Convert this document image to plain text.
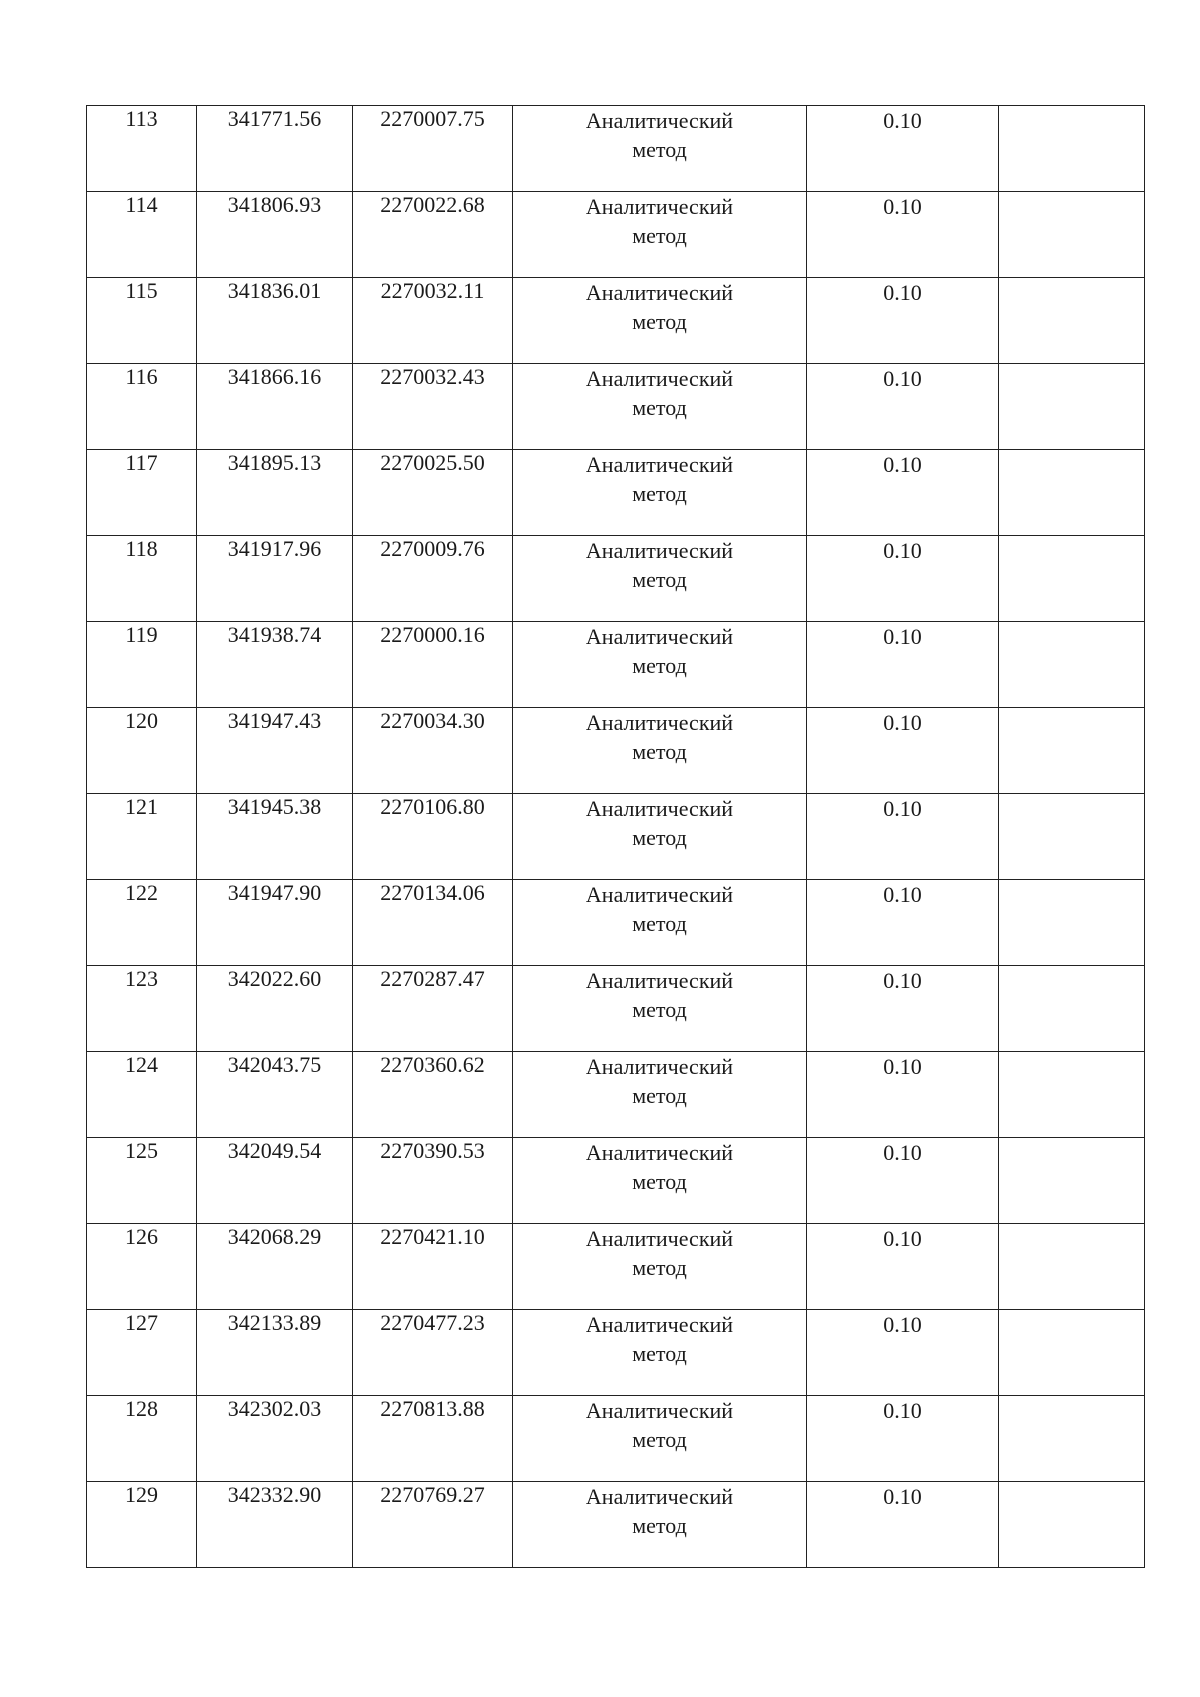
113	341771.56	2270007.75	Аналитический
метод	0.10	

114	341806.93	2270022.68	Аналитический
метод	0.10	

115	341836.01	2270032.11	Аналитический
метод	0.10	

116	341866.16	2270032.43	Аналитический
метод	0.10	

117	341895.13	2270025.50	Аналитический
метод	0.10	

118	341917.96	2270009.76	Аналитический
метод	0.10	

119	341938.74	2270000.16	Аналитический
метод	0.10	

120	341947.43	2270034.30	Аналитический
метод	0.10	

121	341945.38	2270106.80	Аналитический
метод	0.10	

122	341947.90	2270134.06	Аналитический
метод	0.10	

123	342022.60	2270287.47	Аналитический
метод	0.10	

124	342043.75	2270360.62	Аналитический
метод	0.10	

125	342049.54	2270390.53	Аналитический
метод	0.10	

126	342068.29	2270421.10	Аналитический
метод	0.10	

127	342133.89	2270477.23	Аналитический
метод	0.10	

128	342302.03	2270813.88	Аналитический
метод	0.10	

129	342332.90	2270769.27	Аналитический
метод	0.10	
